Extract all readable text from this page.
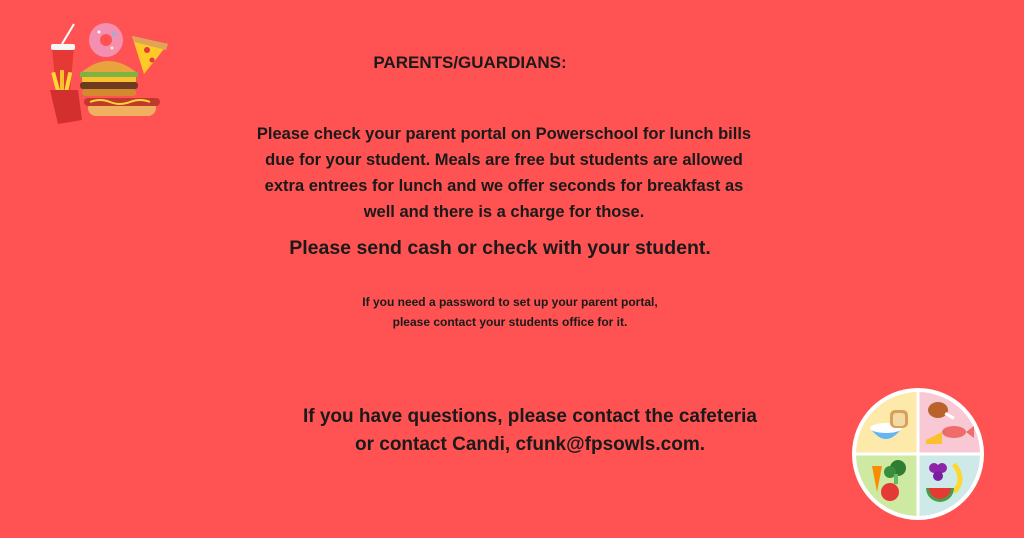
PARENTS/GUARDIANS:

Please check your parent portal on Powerschool for lunch bills
due for your student. Meals are free but students are allowed
extra entrees for lunch and we offer seconds for breakfast as
well and there is a charge for those.

Please send cash or check with your student.

If you need a password to set up your parent portal,
please contact your students office for it.

If you have questions, please contact the cafeteria
or contact Candi, cfunk@fpsowls.com.
